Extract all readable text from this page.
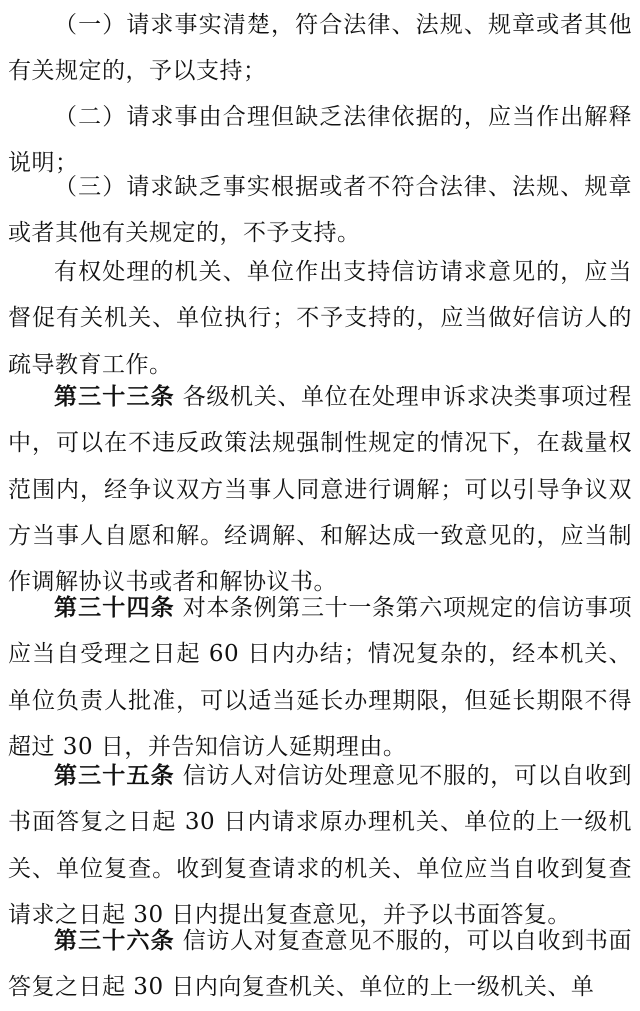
（一）请求事实清楚，符合法律、法规、规章或者其他有关规定的，予以支持；

（二）请求事由合理但缺乏法律依据的，应当作出解释说明；

（三）请求缺乏事实根据或者不符合法律、法规、规章或者其他有关规定的，不予支持。

有权处理的机关、单位作出支持信访请求意见的，应当督促有关机关、单位执行；不予支持的，应当做好信访人的疏导教育工作。

第三十三条 各级机关、单位在处理申诉求决类事项过程中，可以在不违反政策法规强制性规定的情况下，在裁量权范围内，经争议双方当事人同意进行调解；可以引导争议双方当事人自愿和解。经调解、和解达成一致意见的，应当制作调解协议书或者和解协议书。

第三十四条 对本条例第三十一条第六项规定的信访事项应当自受理之日起 60 日内办结；情况复杂的，经本机关、单位负责人批准，可以适当延长办理期限，但延长期限不得超过 30 日，并告知信访人延期理由。

第三十五条 信访人对信访处理意见不服的，可以自收到书面答复之日起 30 日内请求原办理机关、单位的上一级机关、单位复查。收到复查请求的机关、单位应当自收到复查请求之日起 30 日内提出复查意见，并予以书面答复。

第三十六条 信访人对复查意见不服的，可以自收到书面答复之日起 30 日内向复查机关、单位的上一级机关、单
